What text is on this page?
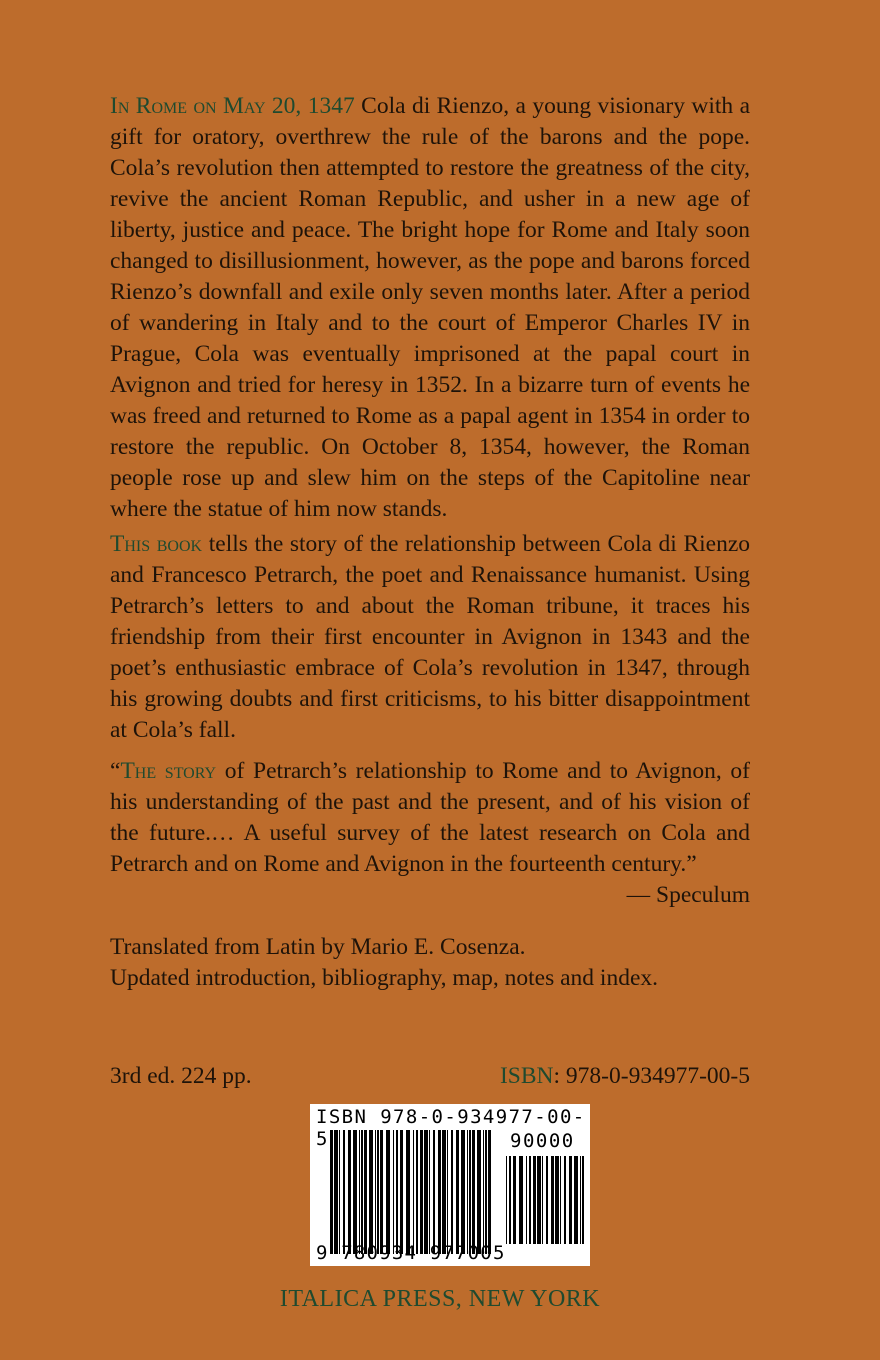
In Rome on May 20, 1347 Cola di Rienzo, a young visionary with a gift for oratory, overthrew the rule of the barons and the pope. Cola’s revolution then attempted to restore the greatness of the city, revive the ancient Roman Republic, and usher in a new age of liberty, justice and peace. The bright hope for Rome and Italy soon changed to disillusionment, however, as the pope and barons forced Rienzo’s downfall and exile only seven months later. After a period of wandering in Italy and to the court of Emperor Charles IV in Prague, Cola was eventually imprisoned at the papal court in Avignon and tried for heresy in 1352. In a bizarre turn of events he was freed and returned to Rome as a papal agent in 1354 in order to restore the republic. On October 8, 1354, however, the Roman people rose up and slew him on the steps of the Capitoline near where the statue of him now stands.

This book tells the story of the relationship between Cola di Rienzo and Francesco Petrarch, the poet and Renaissance humanist. Using Petrarch’s letters to and about the Roman tribune, it traces his friendship from their first encounter in Avignon in 1343 and the poet’s enthusiastic embrace of Cola’s revolution in 1347, through his growing doubts and first criticisms, to his bitter disappointment at Cola’s fall.

“The story of Petrarch’s relationship to Rome and to Avignon, of his understanding of the past and the present, and of his vision of the future.… A useful survey of the latest research on Cola and Petrarch and on Rome and Avignon in the fourteenth century.”

— Speculum
Translated from Latin by Mario E. Cosenza.
Updated introduction, bibliography, map, notes and index.
3rd ed. 224 pp.	ISBN: 978-0-934977-00-5
ISBN 978-0-934977-00-5	90000
9 780934 977005
ITALICA PRESS, NEW YORK
